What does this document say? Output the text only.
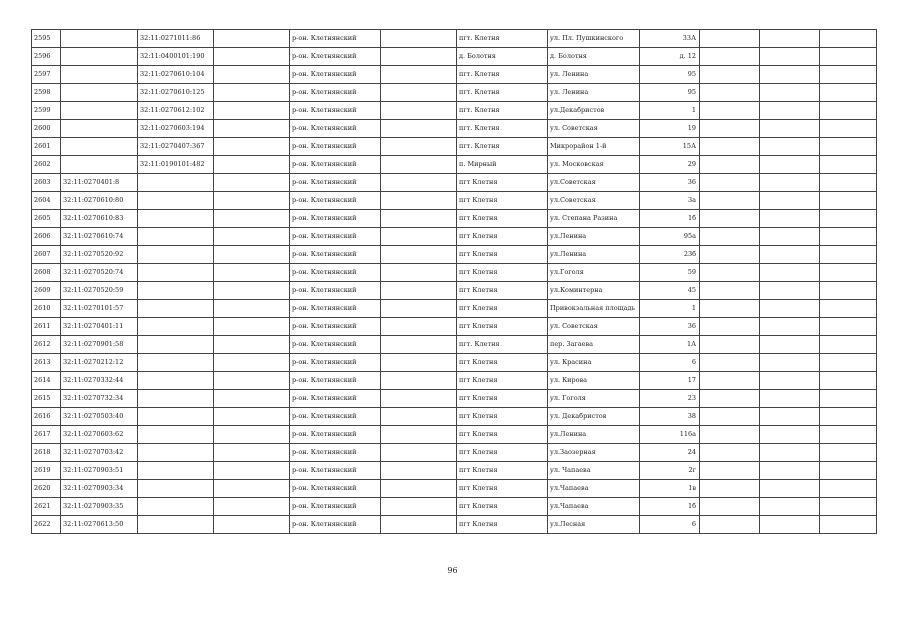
2595		32:11:0271011:86		р-он. Клетнянский		пгт. Клетня	ул. Пл. Пушкинского	33А			
2596		32:11:0400101:190		р-он. Клетнянский		д. Болотня	д. Болотня	д. 12			
2597		32:11:0270610:104		р-он. Клетнянский		пгт. Клетня	ул. Ленина	95			
2598		32:11:0270610:125		р-он. Клетнянский		пгт. Клетня	ул. Ленина	95			
2599		32:11:0270612:102		р-он. Клетнянский		пгт. Клетня	ул.Декабристов	1			
2600		32:11:0270603:194		р-он. Клетнянский		пгт. Клетня	ул. Советская	19			
2601		32:11:0270407:367		р-он. Клетнянский		пгт. Клетня	Микрорайон 1-й	15А			
2602		32:11:0190101:482		р-он. Клетнянский		п. Мирный	ул. Московская	29			
2603	32:11:0270401:8			р-он. Клетнянский		пгт Клетня	ул.Советская	36			
2604	32:11:0270610:80			р-он. Клетнянский		пгт Клетня	ул.Советская	3а			
2605	32:11:0270610:83			р-он. Клетнянский		пгт Клетня	ул. Степана Разина	1б			
2606	32:11:0270610:74			р-он. Клетнянский		пгт Клетня	ул.Ленина	95а			
2607	32:11:0270520:92			р-он. Клетнянский		пгт Клетня	ул.Ленина	23б			
2608	32:11:0270520:74			р-он. Клетнянский		пгт Клетня	ул.Гоголя	59			
2609	32:11:0270520:59			р-он. Клетнянский		пгт Клетня	ул.Коминтерна	45			
2610	32:11:0270101:57			р-он. Клетнянский		пгт Клетня	Привокзальная площадь	1			
2611	32:11:0270401:11			р-он. Клетнянский		пгт Клетня	ул. Советская	36			
2612	32:11:0270901:58			р-он. Клетнянский		пгт. Клетня	пер. Загаева	1А			
2613	32:11:0270212:12			р-он. Клетнянский		пгт Клетня	ул. Красина	6			
2614	32:11:0270332:44			р-он. Клетнянский		пгт Клетня	ул. Кирова	17			
2615	32:11:0270732:34			р-он. Клетнянский		пгт Клетня	ул. Гоголя	23			
2616	32:11:0270503:40			р-он. Клетнянский		пгт Клетня	ул. Декабристов	38			
2617	32:11:0270603:62			р-он. Клетнянский		пгт Клетня	ул.Ленина	116а			
2618	32:11:0270703:42			р-он. Клетнянский		пгт Клетня	ул.Заозерная	24			
2619	32:11:0270903:51			р-он. Клетнянский		пгт Клетня	ул. Чапаева	2г			
2620	32:11:0270903:34			р-он. Клетнянский		пгт Клетня	ул.Чапаева	1в			
2621	32:11:0270903:35			р-он. Клетнянский		пгт Клетня	ул.Чапаева	1б			
2622	32:11:0270613:50			р-он. Клетнянский		пгт Клетня	ул.Лесная	6			
96
